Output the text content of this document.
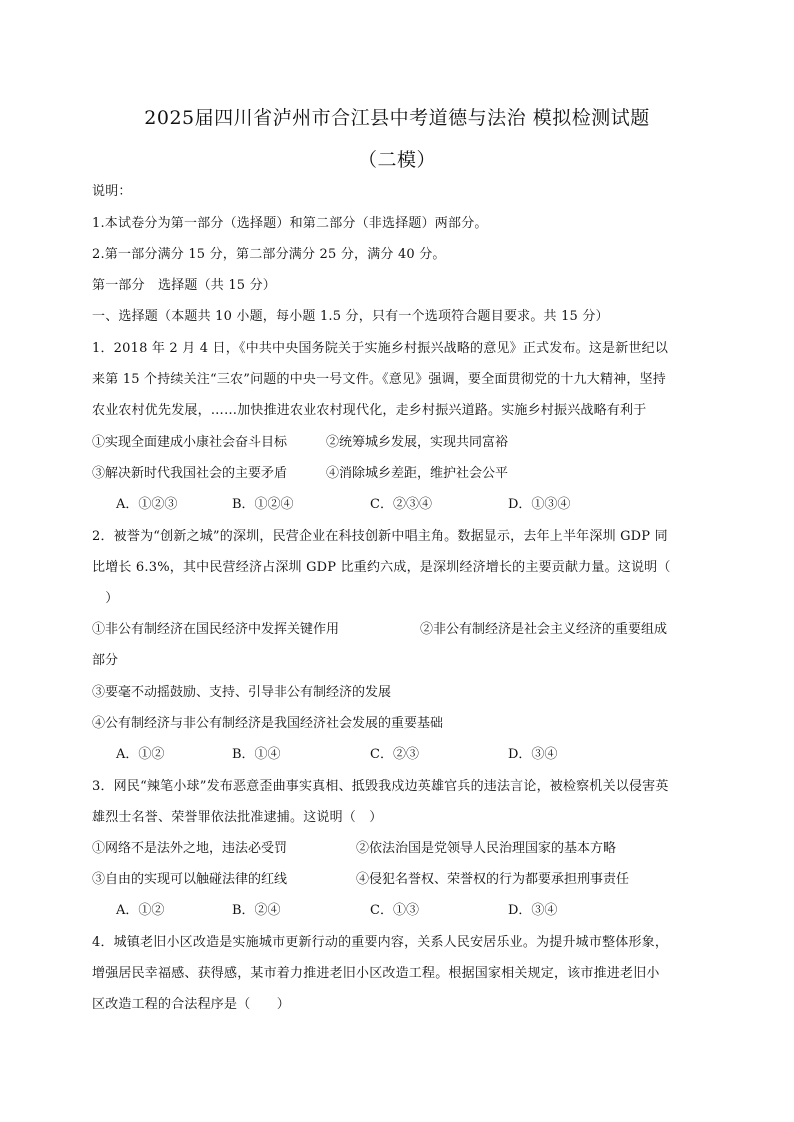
2025届四川省泸州市合江县中考道德与法治 模拟检测试题
（二模）
说明：
1.本试卷分为第一部分（选择题）和第二部分（非选择题）两部分。
2.第一部分满分 15 分，第二部分满分 25 分，满分 40 分。
第一部分　选择题（共 15 分）
一、选择题（本题共 10 小题，每小题 1.5 分，只有一个选项符合题目要求。共 15 分）
1．2018 年 2 月 4 日，《中共中央国务院关于实施乡村振兴战略的意见》正式发布。这是新世纪以
来第 15 个持续关注“三农”问题的中央一号文件。《意见》强调，要全面贯彻党的十九大精神，坚持
农业农村优先发展，……加快推进农业农村现代化，走乡村振兴道路。实施乡村振兴战略有利于
①实现全面建成小康社会奋斗目标	②统筹城乡发展，实现共同富裕
③解决新时代我国社会的主要矛盾	④消除城乡差距，维护社会公平
A．①②③	B．①②④	C．②③④	D．①③④
2．被誉为“创新之城”的深圳，民营企业在科技创新中唱主角。数据显示，去年上半年深圳 GDP 同
比增长 6.3%，其中民营经济占深圳 GDP 比重约六成，是深圳经济增长的主要贡献力量。这说明（
　）
①非公有制经济在国民经济中发挥关键作用	②非公有制经济是社会主义经济的重要组成
部分
③要毫不动摇鼓励、支持、引导非公有制经济的发展
④公有制经济与非公有制经济是我国经济社会发展的重要基础
A．①②	B．①④	C．②③	D．③④
3．网民“辣笔小球”发布恶意歪曲事实真相、抵毁我戍边英雄官兵的违法言论，被检察机关以侵害英
雄烈士名誉、荣誉罪依法批准逮捕。这说明（　）
①网络不是法外之地，违法必受罚	②依法治国是党领导人民治理国家的基本方略
③自由的实现可以触碰法律的红线	④侵犯名誉权、荣誉权的行为都要承担刑事责任
A．①②	B．②④	C．①③	D．③④
4．城镇老旧小区改造是实施城市更新行动的重要内容，关系人民安居乐业。为提升城市整体形象，
增强居民幸福感、获得感，某市着力推进老旧小区改造工程。根据国家相关规定，该市推进老旧小
区改造工程的合法程序是（　　）
